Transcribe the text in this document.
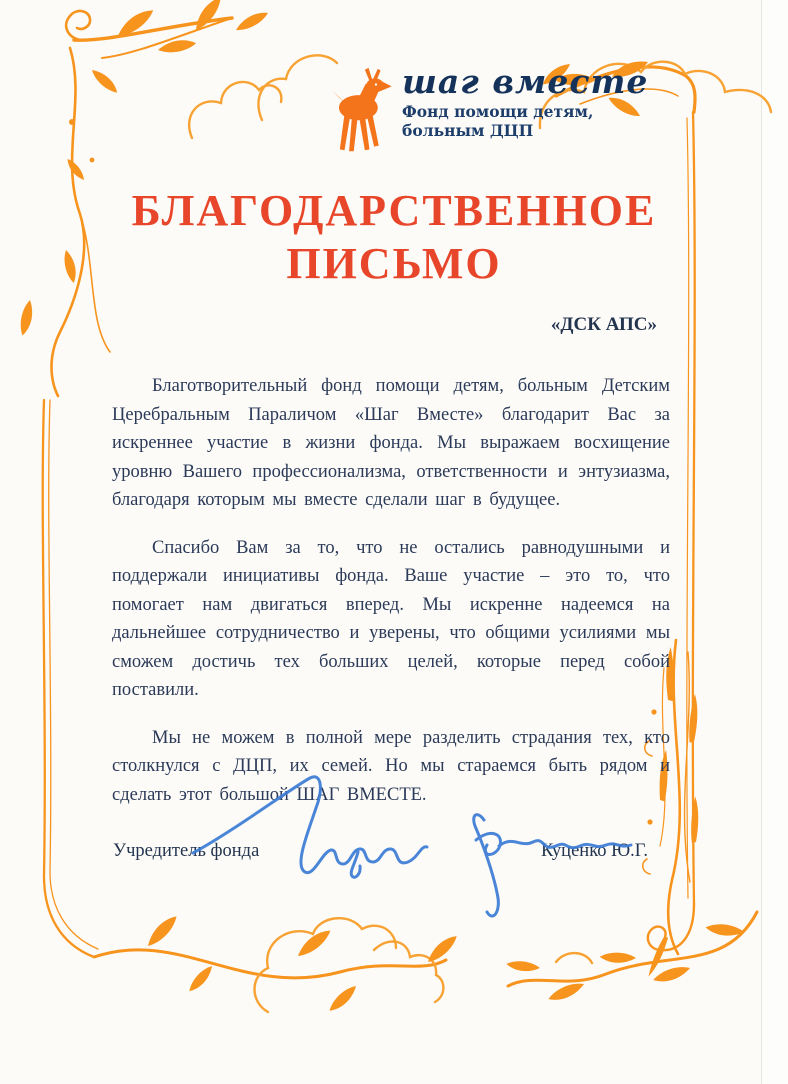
шаг вместе
Фонд помощи детям,
больным ДЦП
БЛАГОДАРСТВЕННОЕ
ПИСЬМО
«ДСК АПС»

Благотворительный фонд помощи детям, больным Детским Церебральным Параличом «Шаг Вместе» благодарит Вас за искреннее участие в жизни фонда. Мы выражаем восхищение уровню Вашего профессионализма, ответственности и энтузиазма, благодаря которым мы вместе сделали шаг в будущее.

Спасибо Вам за то, что не остались равнодушными и поддержали инициативы фонда. Ваше участие – это то, что помогает нам двигаться вперед. Мы искренне надеемся на дальнейшее сотрудничество и уверены, что общими усилиями мы сможем достичь тех больших целей, которые перед собой поставили.

Мы не можем в полной мере разделить страдания тех, кто столкнулся с ДЦП, их семей. Но мы стараемся быть рядом и сделать этот большой ШАГ ВМЕСТЕ.

Учредитель фонда	Куценко Ю.Г.
